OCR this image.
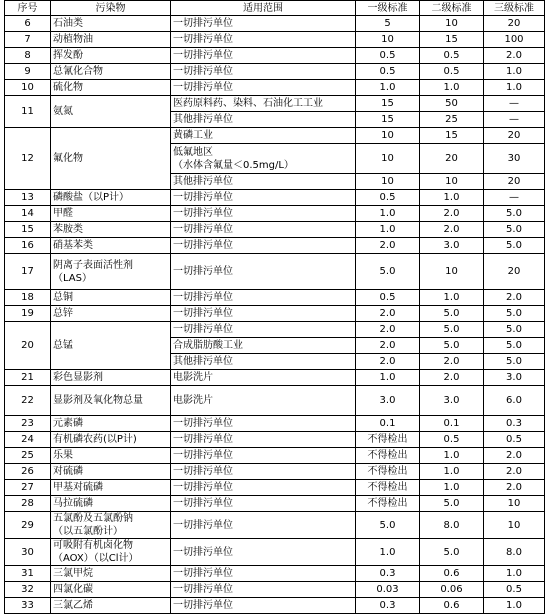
序号	污染物	适用范围	一级标准	二级标准	三级标准
6	石油类	一切排污单位	5	10	20
7	动植物油	一切排污单位	10	15	100
8	挥发酚	一切排污单位	0.5	0.5	2.0
9	总氰化合物	一切排污单位	0.5	0.5	1.0
10	硫化物	一切排污单位	1.0	1.0	1.0
11	氨氮	医药原料药、染料、石油化工工业	15	50	—
		其他排污单位	15	25	—
12	氟化物	黄磷工业	10	15	20
		低氟地区
（水体含氟量＜0.5mg/L）	10	20	30
		其他排污单位	10	10	20
13	磷酸盐（以P计）	一切排污单位	0.5	1.0	—
14	甲醛	一切排污单位	1.0	2.0	5.0
15	苯胺类	一切排污单位	1.0	2.0	5.0
16	硝基苯类	一切排污单位	2.0	3.0	5.0
17	阴离子表面活性剂
（LAS）	一切排污单位	5.0	10	20
18	总铜	一切排污单位	0.5	1.0	2.0
19	总锌	一切排污单位	2.0	5.0	5.0
20	总锰	一切排污单位	2.0	5.0	5.0
		合成脂肪酸工业	2.0	5.0	5.0
		其他排污单位	2.0	2.0	5.0
21	彩色显影剂	电影洗片	1.0	2.0	3.0
22	显影剂及氧化物总量	电影洗片	3.0	3.0	6.0
23	元素磷	一切排污单位	0.1	0.1	0.3
24	有机磷农药(以P计)	一切排污单位	不得检出	0.5	0.5
25	乐果	一切排污单位	不得检出	1.0	2.0
26	对硫磷	一切排污单位	不得检出	1.0	2.0
27	甲基对硫磷	一切排污单位	不得检出	1.0	2.0
28	马拉硫磷	一切排污单位	不得检出	5.0	10
29	五氯酚及五氯酚钠
（以五氯酚计）	一切排污单位	5.0	8.0	10
30	可吸附有机卤化物
（AOX）（以Cl计）	一切排污单位	1.0	5.0	8.0
31	三氯甲烷	一切排污单位	0.3	0.6	1.0
32	四氯化碳	一切排污单位	0.03	0.06	0.5
33	三氯乙烯	一切排污单位	0.3	0.6	1.0
